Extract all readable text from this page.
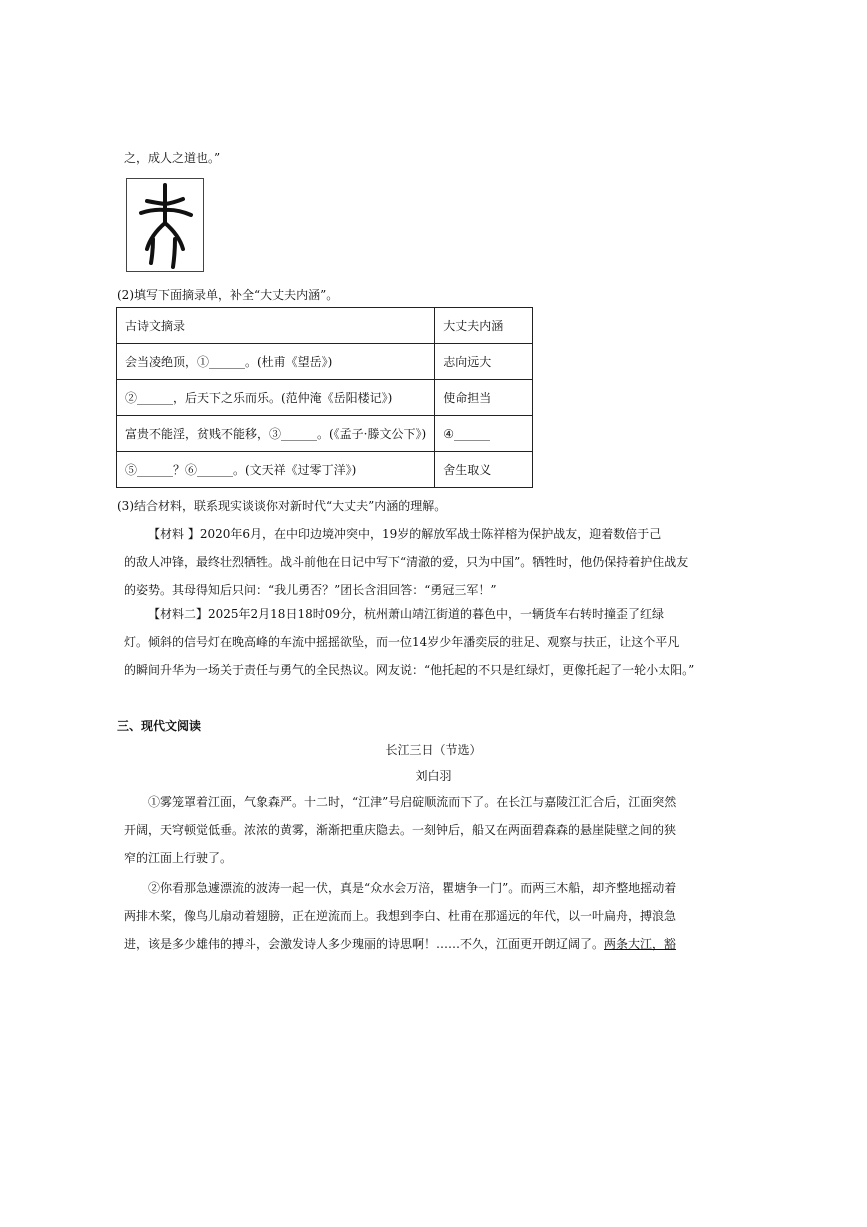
之，成人之道也。”
(2)填写下面摘录单，补全“大丈夫内涵”。
古诗文摘录	大丈夫内涵
会当凌绝顶，①______。(杜甫《望岳》)	志向远大
②______，后天下之乐而乐。(范仲淹《岳阳楼记》)	使命担当
富贵不能淫，贫贱不能移，③______。(《孟子·滕文公下》)	④______
⑤______？⑥______。(文天祥《过零丁洋》)	舍生取义
(3)结合材料，联系现实谈谈你对新时代“大丈夫”内涵的理解。
【材料 】2020年6月，在中印边境冲突中，19岁的解放军战士陈祥榕为保护战友，迎着数倍于己
的敌人冲锋，最终壮烈牺牲。战斗前他在日记中写下“清澈的爱，只为中国”。牺牲时，他仍保持着护住战友
的姿势。其母得知后只问：“我儿勇否？”团长含泪回答：“勇冠三军！”
【材料二】2025年2月18日18时09分，杭州萧山靖江街道的暮色中，一辆货车右转时撞歪了红绿
灯。倾斜的信号灯在晚高峰的车流中摇摇欲坠，而一位14岁少年潘奕辰的驻足、观察与扶正，让这个平凡
的瞬间升华为一场关于责任与勇气的全民热议。网友说：“他托起的不只是红绿灯，更像托起了一轮小太阳。”
三、现代文阅读
长江三日（节选）
刘白羽
①雾笼罩着江面，气象森严。十二时，“江津”号启碇顺流而下了。在长江与嘉陵江汇合后，江面突然
开阔，天穹顿觉低垂。浓浓的黄雾，渐渐把重庆隐去。一刻钟后，船又在两面碧森森的悬崖陡壁之间的狭
窄的江面上行驶了。
②你看那急遽漂流的波涛一起一伏，真是“众水会万涪，瞿塘争一门”。而两三木船，却齐整地摇动着
两排木桨，像鸟儿扇动着翅膀，正在逆流而上。我想到李白、杜甫在那遥远的年代，以一叶扁舟，搏浪急
进，该是多少雄伟的搏斗，会激发诗人多少瑰丽的诗思啊！……不久，江面更开朗辽阔了。两条大江，豁
